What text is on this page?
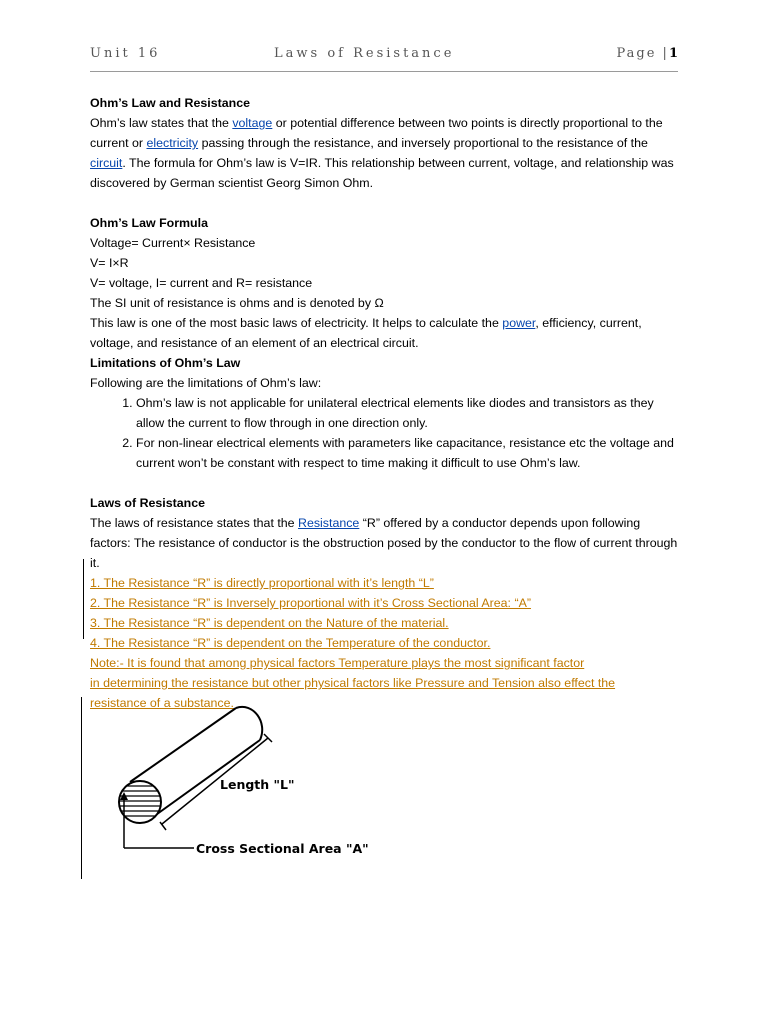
Unit 16	Laws of Resistance	Page |1

Ohm’s Law and Resistance

Ohm’s law states that the voltage or potential difference between two points is directly proportional to the current or electricity passing through the resistance, and inversely proportional to the resistance of the circuit. The formula for Ohm’s law is V=IR. This relationship between current, voltage, and relationship was discovered by German scientist Georg Simon Ohm.

Ohm’s Law Formula

Voltage= Current× Resistance

V= I×R

V= voltage, I= current and R= resistance

The SI unit of resistance is ohms and is denoted by Ω

This law is one of the most basic laws of electricity. It helps to calculate the power, efficiency, current, voltage, and resistance of an element of an electrical circuit.

Limitations of Ohm’s Law

Following are the limitations of Ohm’s law:

1. Ohm’s law is not applicable for unilateral electrical elements like diodes and transistors as they allow the current to flow through in one direction only.
2. For non-linear electrical elements with parameters like capacitance, resistance etc the voltage and current won’t be constant with respect to time making it difficult to use Ohm’s law.

Laws of Resistance

The laws of resistance states that the Resistance “R” offered by a conductor depends upon following factors: The resistance of conductor is the obstruction posed by the conductor to the flow of current through it.

1. The Resistance “R” is directly proportional with it’s length “L”

2. The Resistance “R” is Inversely proportional with it’s Cross Sectional Area: “A”

3. The Resistance “R” is dependent on the Nature of the material.

4. The Resistance “R” is dependent on the Temperature of the conductor.

Note:- It is found that among physical factors Temperature plays the most significant factor

in determining the resistance but other physical factors like Pressure and Tension also effect the

resistance of a substance.

Length "L"
Cross Sectional Area "A"
